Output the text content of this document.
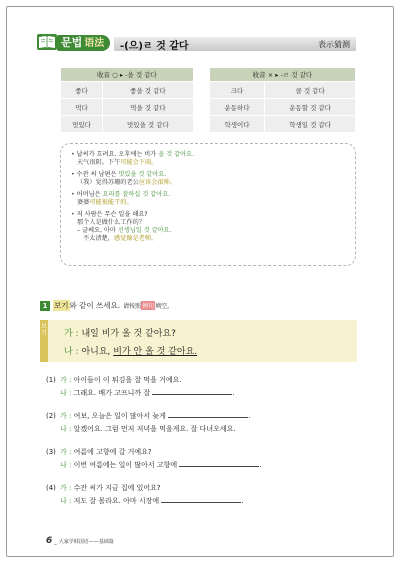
문법 语法	-(으)ㄹ 것 같다	表示猜测
收音 ○ ▸ -을 것 같다			收音 × ▸ -ㄹ 것 같다	
좋다	좋을 것 같다		크다	클 것 같다
먹다	먹을 것 같다		운동하다	운동할 것 같다
멋있다	멋있을 것 같다		학생이다	학생일 것 같다
• 날씨가 흐려요. 오후에는 비가 올 것 같아요.
天气很阴。下午可能会下雨。
• 수잔 씨 남편은 멋있을 것 같아요.
（我）觉得苏珊的老公应该会很帅。
• 어머님은 요리를 잘하실 것 같아요.
婆婆可能很能干的。
• 저 사람은 무슨 일을 해요?
那个人是做什么工作的？
– 글쎄요, 아마 선생님일 것 같아요.
不太清楚，感觉像是老师。
1 보기 와 같이 쓰세요. 请按照 例句 填空。
보기 가 : 내일 비가 올 것 같아요?
나 : 아니요, 비가 안 올 것 같아요.
(1) 가 : 아이들이 이 튀김을 잘 먹을 거예요.
나 : 그래요. 배가 고프니까 잘	.
(2) 가 : 여보, 오늘은 일이 많아서 늦게	.
나 : 알겠어요. 그럼 먼저 저녁을 먹을게요. 잘 다녀오세요.
(3) 가 : 여름에 고향에 갈 거예요?
나 : 이번 여름에는 일이 많아서 고향에	.
(4) 가 : 수잔 씨가 지금 집에 있어요?
나 : 저도 잘 몰라요. 아마 시장에	.
6 _ 大家学韩国语——基础篇
